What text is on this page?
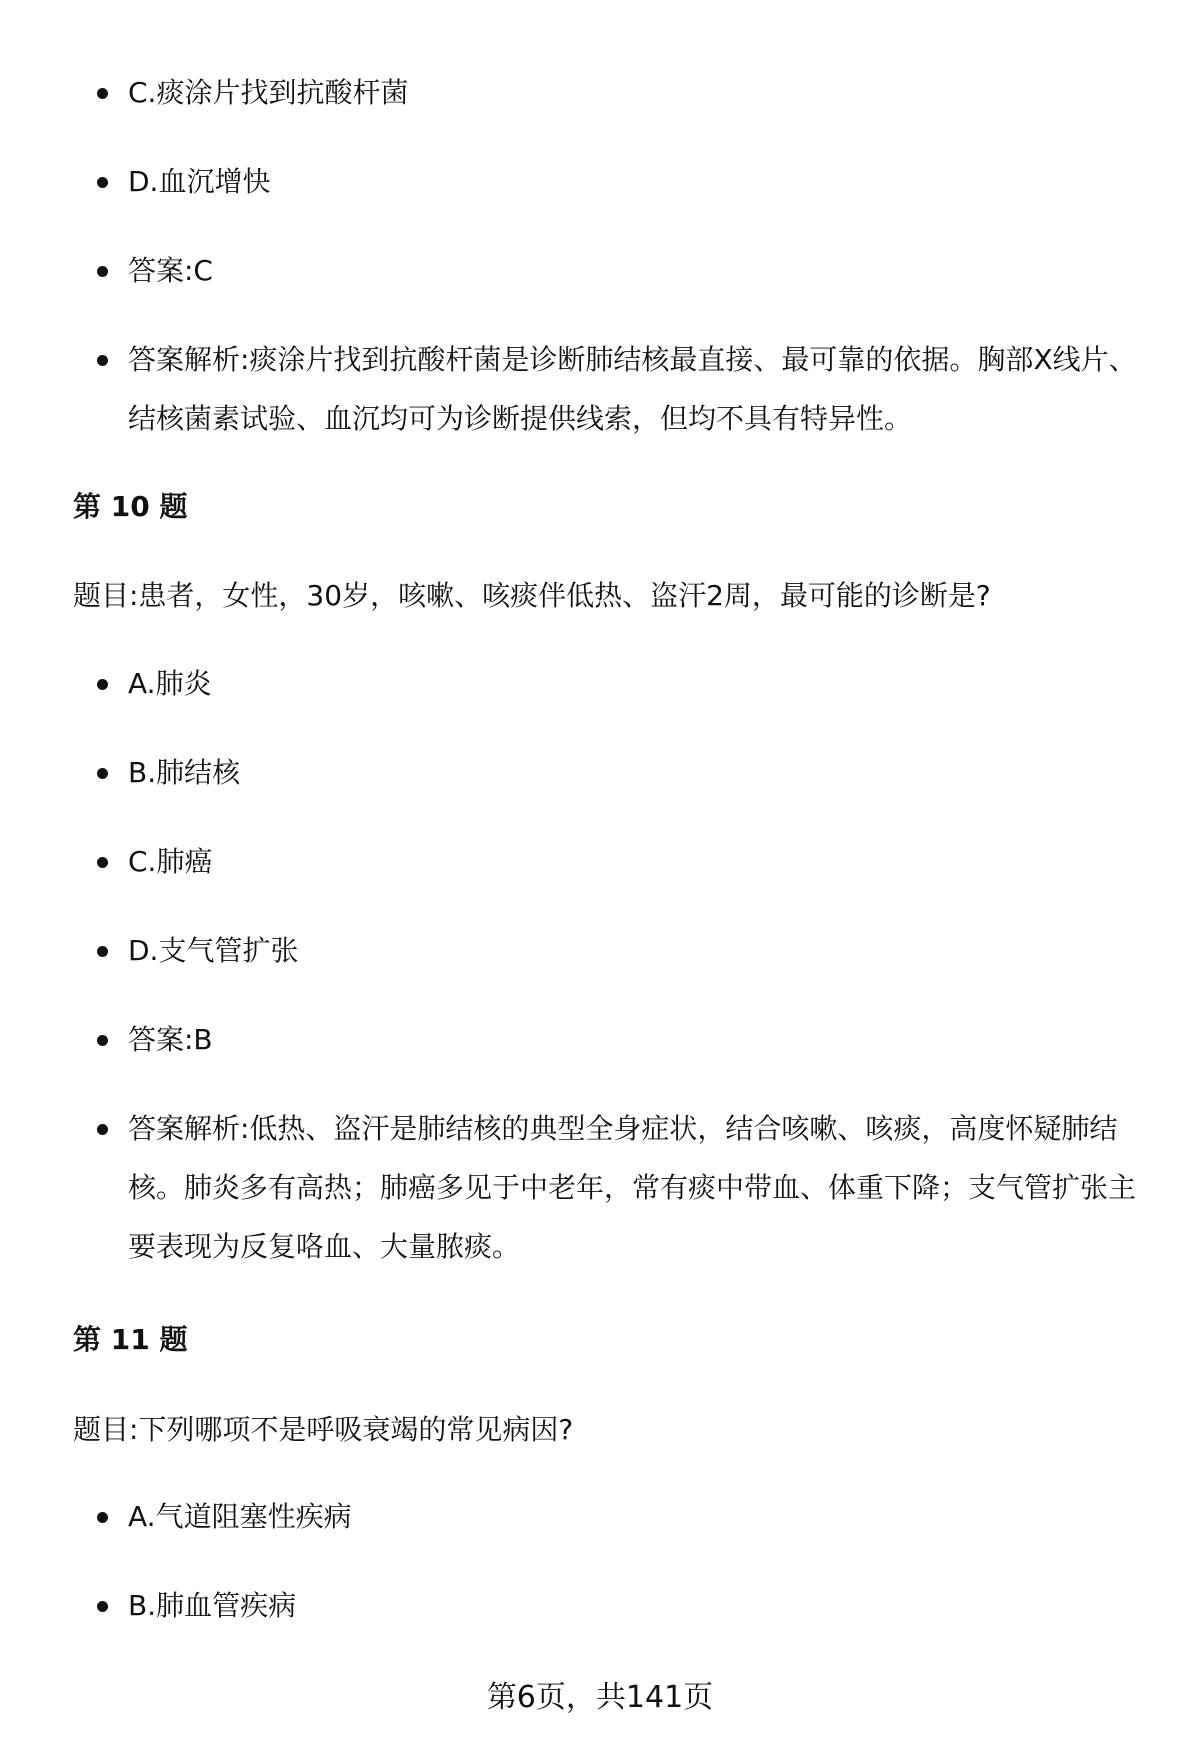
C.痰涂片找到抗酸杆菌
D.血沉增快
答案:C
答案解析:痰涂片找到抗酸杆菌是诊断肺结核最直接、最可靠的依据。胸部X线片、结核菌素试验、血沉均可为诊断提供线索，但均不具有特异性。
第 10 题

题目:患者，女性，30岁，咳嗽、咳痰伴低热、盗汗2周，最可能的诊断是?

A.肺炎
B.肺结核
C.肺癌
D.支气管扩张
答案:B
答案解析:低热、盗汗是肺结核的典型全身症状，结合咳嗽、咳痰，高度怀疑肺结核。肺炎多有高热；肺癌多见于中老年，常有痰中带血、体重下降；支气管扩张主要表现为反复咯血、大量脓痰。
第 11 题

题目:下列哪项不是呼吸衰竭的常见病因?

A.气道阻塞性疾病
B.肺血管疾病
第6页，共141页
